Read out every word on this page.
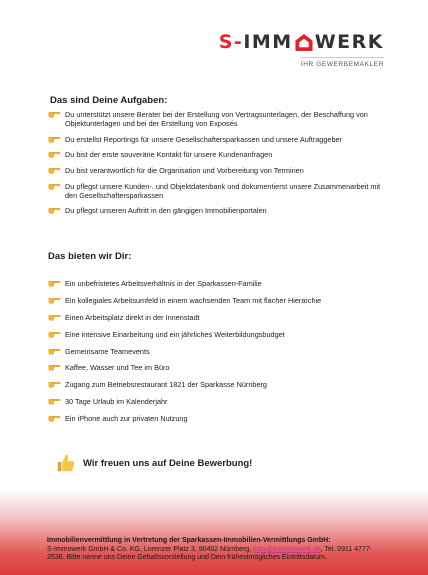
S- IMM WERK
IHR GEWERBEMAKLER
Das sind Deine Aufgaben:
Du unterstützt unsere Berater bei der Erstellung von Vertragsunterlagen, der Beschaffung von Objektunterlagen und bei der Erstellung von Exposés
Du erstellst Reportings für unsere Gesellschaftersparkassen und unsere Auftraggeber
Du bist der erste souveräne Kontakt für unsere Kundenanfragen
Du bist verantwortlich für die Organisation und Vorbereitung von Terminen
Du pflegst unsere Kunden-. und Objektdatenbank und dokumentierst unsere Zusammenarbeit mit den Gesellschaftersparkassen
Du pflegst unseren Auftritt in den gängigen Immobilienportalen
Das bieten wir Dir:
Ein unbefristetes Arbeitsverhältnis in der Sparkassen-Familie
Ein kollegiales Arbeitsumfeld in einem wachsenden Team mit flacher Hierarchie
Einen Arbeitsplatz direkt in der Innenstadt
Eine intensive Einarbeitung und ein jährliches Weiterbildungsbudget
Gemeinsame Teamevents
Kaffee, Wasser und Tee im Büro
Zugang zum Betriebsrestaurant 1821 der Sparkasse Nürnberg
30 Tage Urlaub im Kalenderjahr
Ein iPhone auch zur privaten Nutzung
Wir freuen uns auf Deine Bewerbung!
Immobilienvermittlung in Vertretung der Sparkassen-Immobilien-Vermittlungs GmbH:
S-Immowerk GmbH & Co. KG, Lorenzer Platz 3, 90402 Nürnberg, jobs@s-immowerk.de, Tel. 0911 4777-2536. Bitte nenne uns Deine Gehaltsvorstellung und Dein frühestmögliches Eintrittsdatum.
